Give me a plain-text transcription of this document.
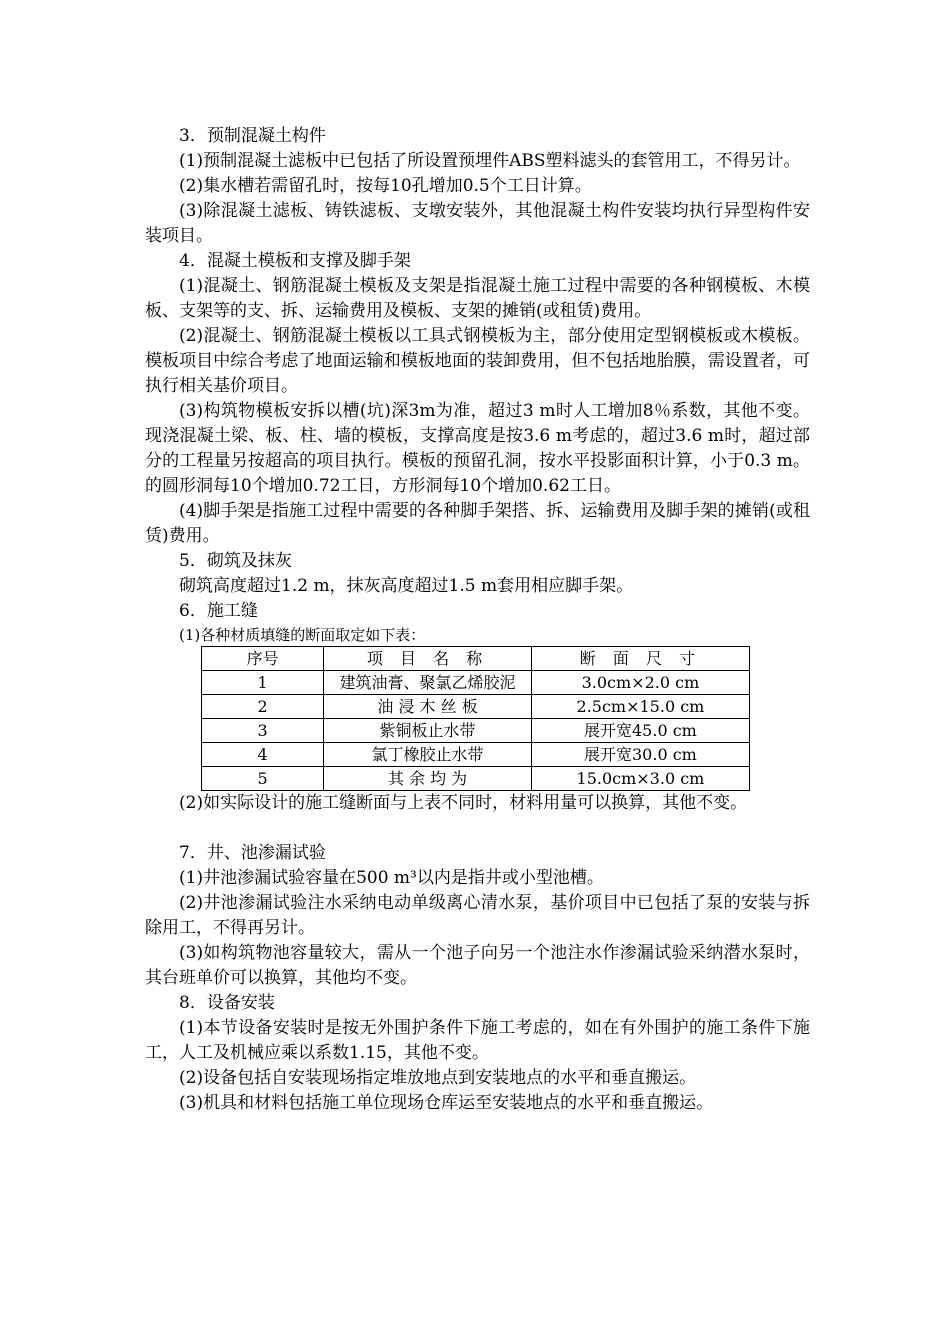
3．预制混凝土构件

(1)预制混凝土滤板中已包括了所设置预埋件ABS塑料滤头的套管用工，不得另计。

(2)集水槽若需留孔时，按每10孔增加0.5个工日计算。

(3)除混凝土滤板、铸铁滤板、支墩安装外，其他混凝土构件安装均执行异型构件安装项目。

4．混凝土模板和支撑及脚手架

(1)混凝土、钢筋混凝土模板及支架是指混凝土施工过程中需要的各种钢模板、木模板、支架等的支、拆、运输费用及模板、支架的摊销(或租赁)费用。

(2)混凝土、钢筋混凝土模板以工具式钢模板为主，部分使用定型钢模板或木模板。模板项目中综合考虑了地面运输和模板地面的装卸费用，但不包括地胎膜，需设置者，可执行相关基价项目。

(3)构筑物模板安拆以槽(坑)深3m为准，超过3 m时人工增加8％系数，其他不变。现浇混凝土梁、板、柱、墙的模板，支撑高度是按3.6 m考虑的，超过3.6 m时，超过部分的工程量另按超高的项目执行。模板的预留孔洞，按水平投影面积计算，小于0.3 m。的圆形洞每10个增加0.72工日，方形洞每10个增加0.62工日。

(4)脚手架是指施工过程中需要的各种脚手架搭、拆、运输费用及脚手架的摊销(或租赁)费用。

5．砌筑及抹灰

砌筑高度超过1.2 m，抹灰高度超过1.5 m套用相应脚手架。

6．施工缝

(1)各种材质填缝的断面取定如下表：

序号	项 目 名 称	断 面 尺 寸
1	建筑油膏、聚氯乙烯胶泥	3.0cm×2.0 cm
2	油 浸 木 丝 板	2.5cm×15.0 cm
3	紫铜板止水带	展开宽45.0 cm
4	氯丁橡胶止水带	展开宽30.0 cm
5	其 余 均 为	15.0cm×3.0 cm

(2)如实际设计的施工缝断面与上表不同时，材料用量可以换算，其他不变。

7．井、池渗漏试验

(1)井池渗漏试验容量在500 m³以内是指井或小型池槽。

(2)井池渗漏试验注水采纳电动单级离心清水泵，基价项目中已包括了泵的安装与拆除用工，不得再另计。

(3)如构筑物池容量较大，需从一个池子向另一个池注水作渗漏试验采纳潜水泵时，其台班单价可以换算，其他均不变。

8．设备安装

(1)本节设备安装时是按无外围护条件下施工考虑的，如在有外围护的施工条件下施工，人工及机械应乘以系数1.15，其他不变。

(2)设备包括自安装现场指定堆放地点到安装地点的水平和垂直搬运。

(3)机具和材料包括施工单位现场仓库运至安装地点的水平和垂直搬运。
